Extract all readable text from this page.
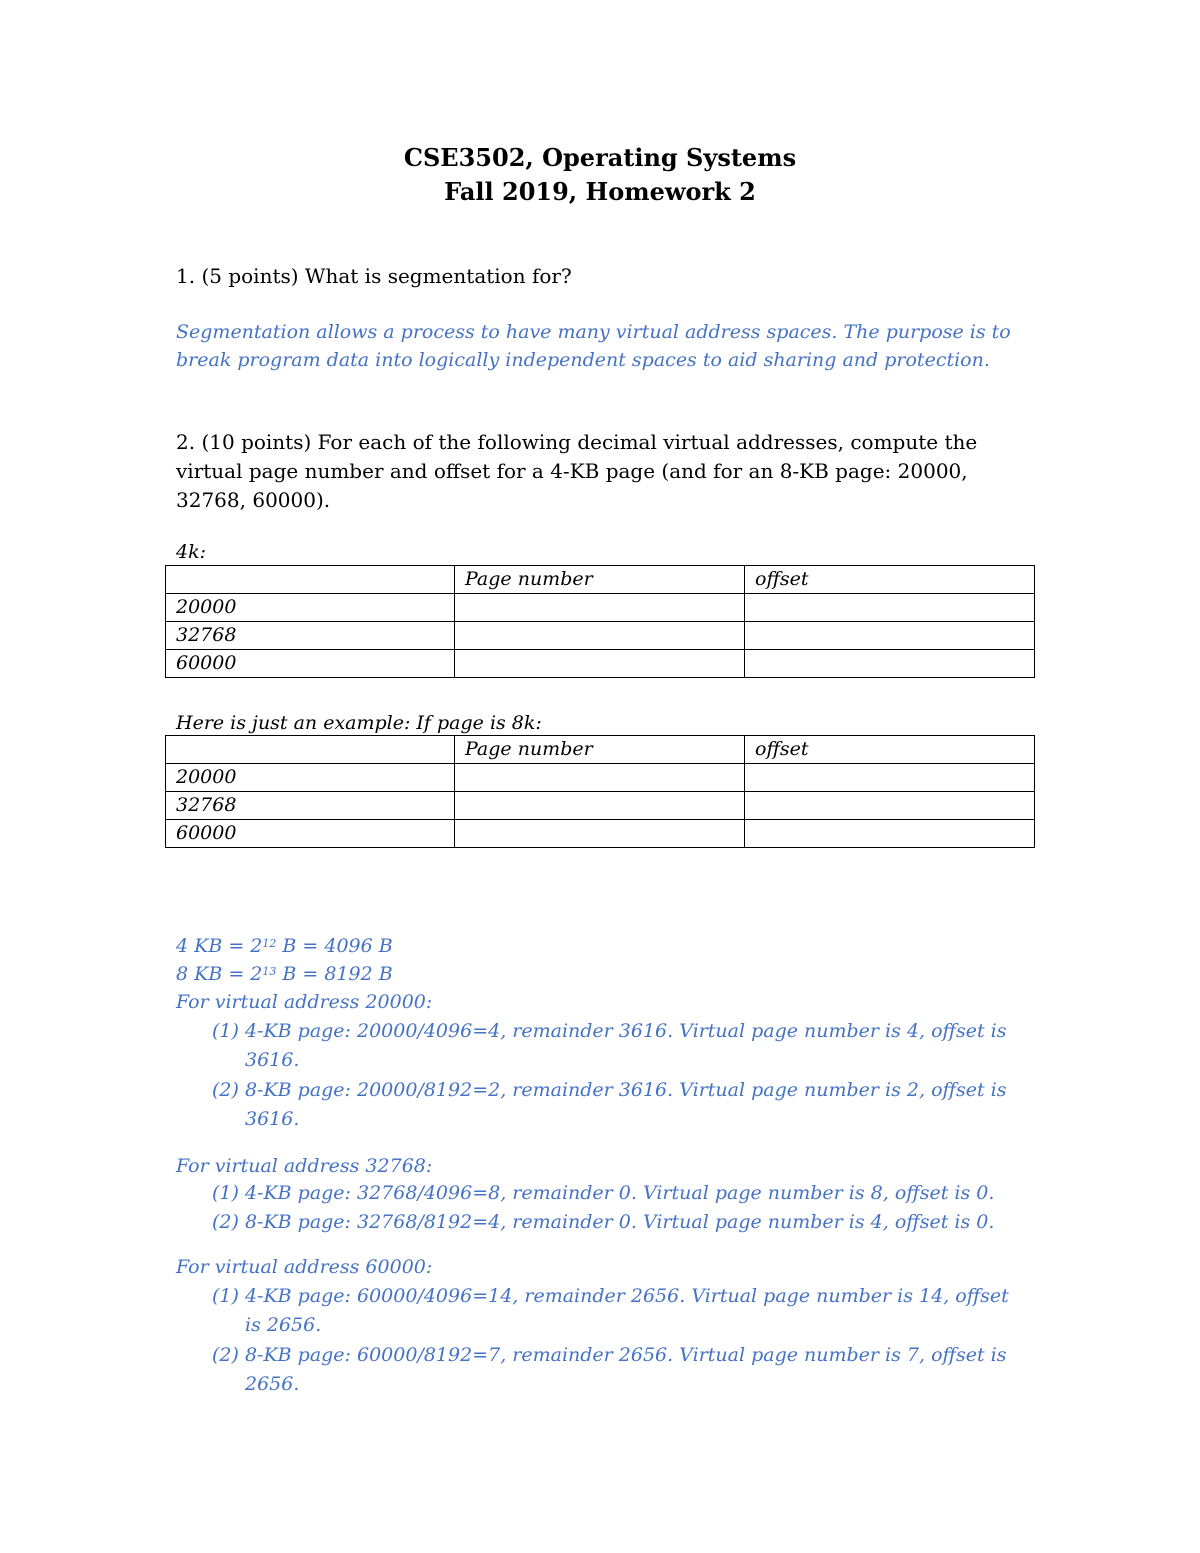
CSE3502, Operating Systems
Fall 2019, Homework 2
1. (5 points) What is segmentation for?
Segmentation allows a process to have many virtual address spaces. The purpose is to
break program data into logically independent spaces to aid sharing and protection.
2. (10 points) For each of the following decimal virtual addresses, compute the
virtual page number and offset for a 4-KB page (and for an 8-KB page: 20000,
32768, 60000).
4k:
	Page number	offset
20000		
32768		
60000		
Here is just an example: If page is 8k:
	Page number	offset
20000		
32768		
60000		
4 KB = $2^{12}$ B = 4096 B
8 KB = $2^{13}$ B = 8192 B
For virtual address 20000:
(1) 4-KB page: 20000/4096=4, remainder 3616. Virtual page number is 4, offset is
3616.
(2) 8-KB page: 20000/8192=2, remainder 3616. Virtual page number is 2, offset is
3616.
For virtual address 32768:
(1) 4-KB page: 32768/4096=8, remainder 0. Virtual page number is 8, offset is 0.
(2) 8-KB page: 32768/8192=4, remainder 0. Virtual page number is 4, offset is 0.
For virtual address 60000:
(1) 4-KB page: 60000/4096=14, remainder 2656. Virtual page number is 14, offset
is 2656.
(2) 8-KB page: 60000/8192=7, remainder 2656. Virtual page number is 7, offset is
2656.
